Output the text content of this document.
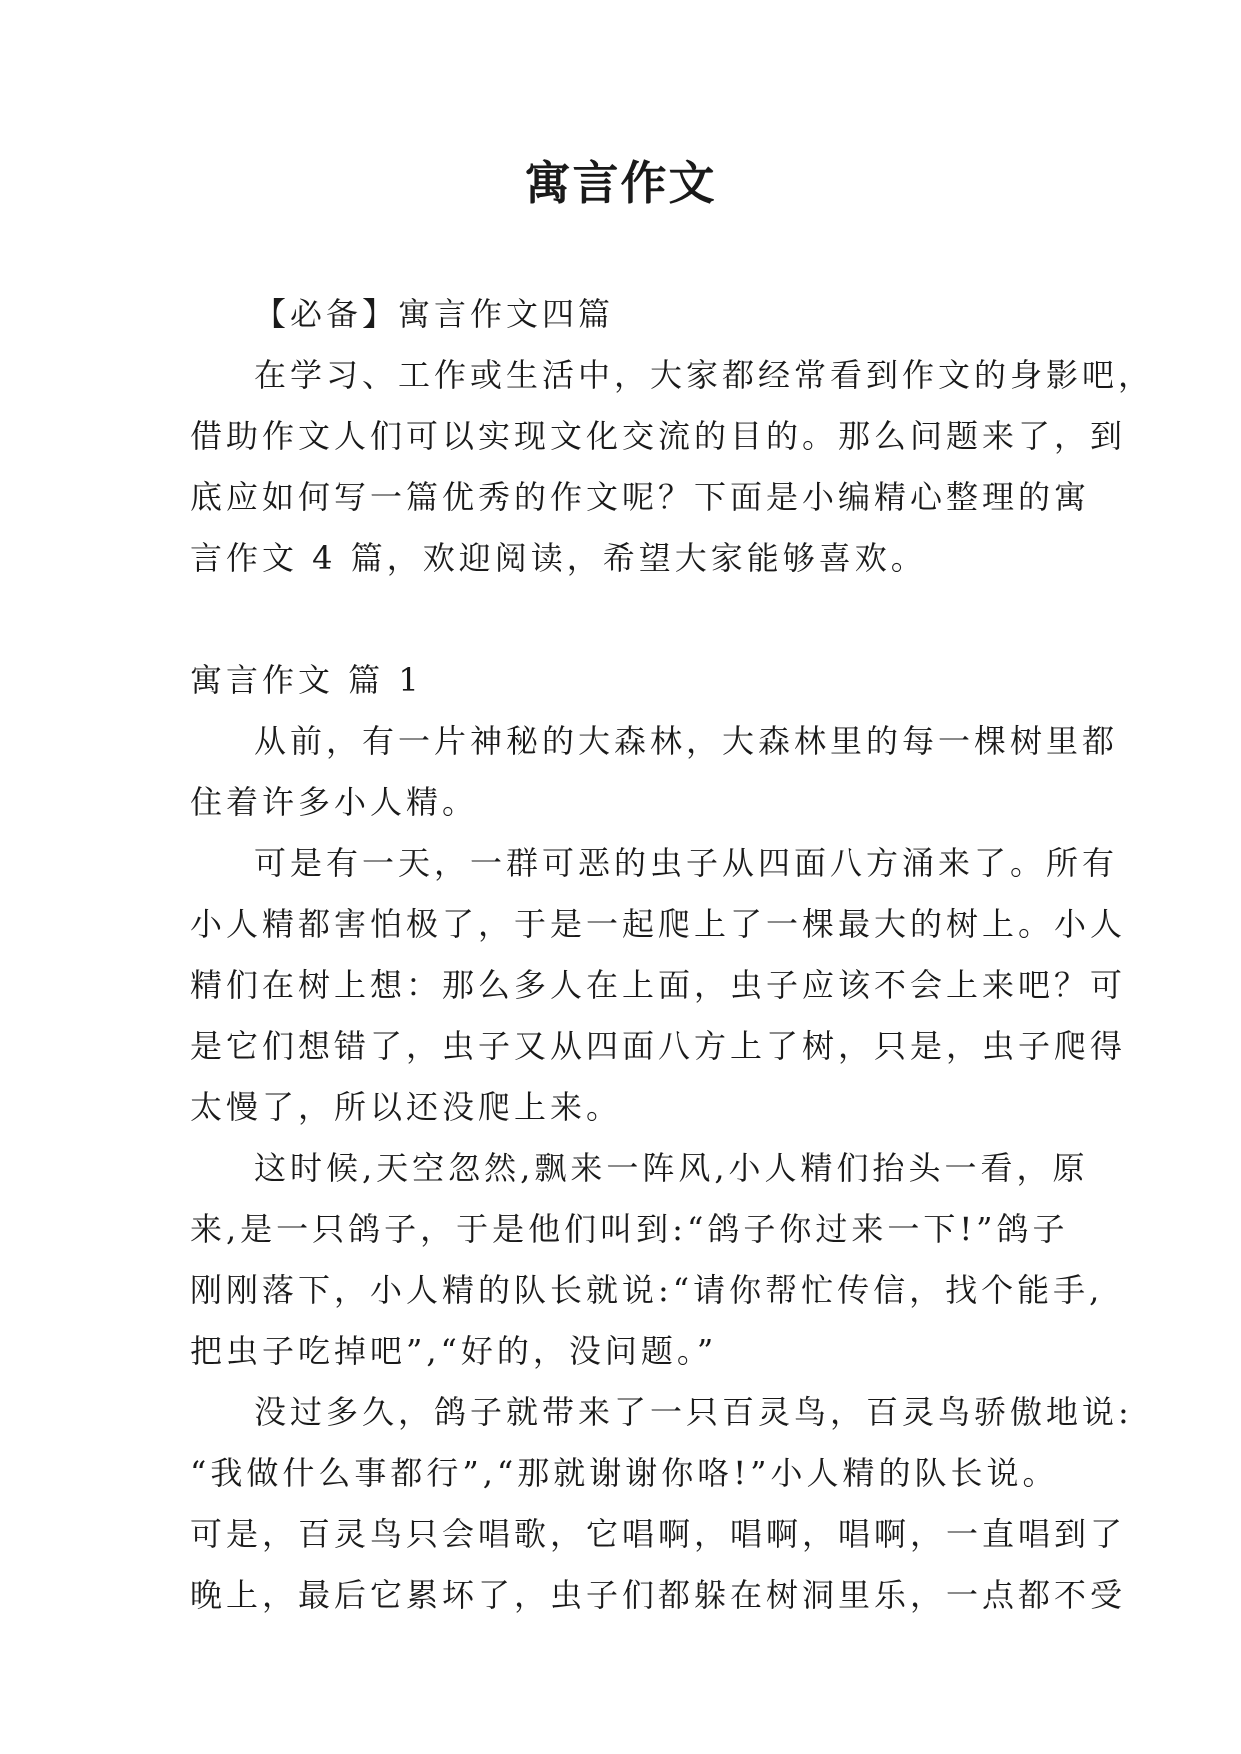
寓言作文
【必备】寓言作文四篇
在学习、工作或生活中，大家都经常看到作文的身影吧，
借助作文人们可以实现文化交流的目的。那么问题来了，到
底应如何写一篇优秀的作文呢？下面是小编精心整理的寓
言作文 4 篇，欢迎阅读，希望大家能够喜欢。
寓言作文 篇 1
从前，有一片神秘的大森林，大森林里的每一棵树里都
住着许多小人精。
可是有一天，一群可恶的虫子从四面八方涌来了。所有
小人精都害怕极了，于是一起爬上了一棵最大的树上。小人
精们在树上想：那么多人在上面，虫子应该不会上来吧？可
是它们想错了，虫子又从四面八方上了树，只是，虫子爬得
太慢了，所以还没爬上来。
这时候,天空忽然,飘来一阵风,小人精们抬头一看，原
来,是一只鸽子，于是他们叫到:“鸽子你过来一下!”鸽子
刚刚落下，小人精的队长就说:“请你帮忙传信，找个能手,
把虫子吃掉吧”,“好的，没问题。”
没过多久，鸽子就带来了一只百灵鸟，百灵鸟骄傲地说:
“我做什么事都行”,“那就谢谢你咯!”小人精的队长说。
可是，百灵鸟只会唱歌，它唱啊，唱啊，唱啊，一直唱到了
晚上，最后它累坏了，虫子们都躲在树洞里乐，一点都不受
